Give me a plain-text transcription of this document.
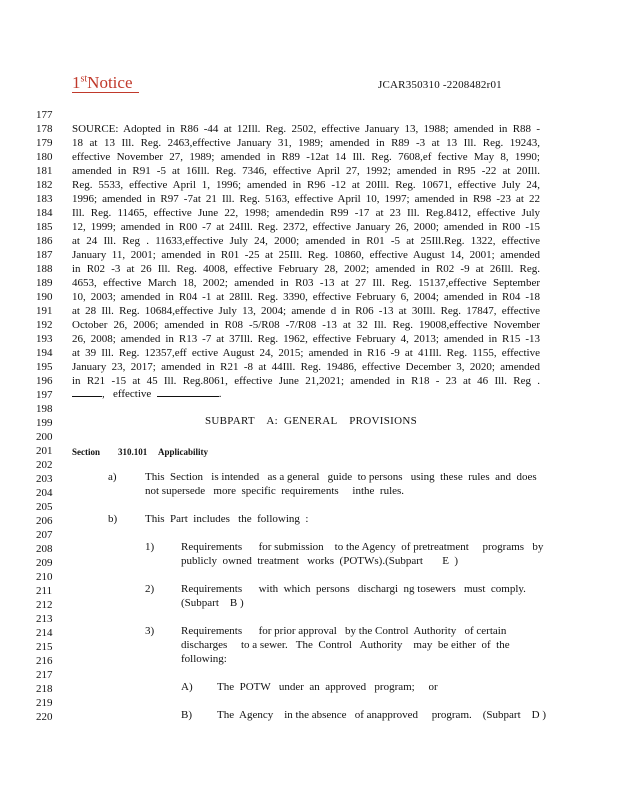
1stNotice	JCAR350310 -2208482r01
177
178
179
180
181
182
183
184
185
186
187
188
189
190
191
192
193
194
195
196
197
198
199
200
201
202
203
204
205
206
207
208
209
210
211
212
213
214
215
216
217
218
219
220
SOURCE: Adopted in R86 -44 at 12Ill. Reg. 2502, effective January 13, 1988; amended in R88 -
18 at 13 Ill. Reg. 2463,effective January 31, 1989; amended in R89 -3 at 13 Ill. Reg. 19243,
effective November 27, 1989; amended in R89 -12at 14 Ill. Reg. 7608,ef fective May 8, 1990;
amended in R91 -5 at 16Ill. Reg. 7346, effective April 27, 1992; amended in R95 -22 at 20Ill.
Reg. 5533, effective April 1, 1996; amended in R96 -12 at 20Ill. Reg. 10671, effective July 24,
1996; amended in R97 -7at 21 Ill. Reg. 5163, effective April 10, 1997; amended in R98 -23 at 22
Ill. Reg. 11465, effective June 22, 1998; amendedin R99 -17 at 23 Ill. Reg.8412, effective July
12, 1999; amended in R00 -7 at 24Ill. Reg. 2372, effective January 26, 2000; amended in R00 -15
at 24 Ill. Reg . 11633,effective July 24, 2000; amended in R01 -5 at 25Ill.Reg. 1322, effective
January 11, 2001; amended in R01 -25 at 25Ill. Reg. 10860, effective August 14, 2001; amended
in R02 -3 at 26 Ill. Reg. 4008, effective February 28, 2002; amended in R02 -9 at 26Ill. Reg.
4653, effective March 18, 2002; amended in R03 -13 at 27 Ill. Reg. 15137,effective September
10, 2003; amended in R04 -1 at 28Ill. Reg. 3390, effective February 6, 2004; amended in R04 -18
at 28 Ill. Reg. 10684,effective July 13, 2004; amende d in R06 -13 at 30Ill. Reg. 17847, effective
October 26, 2006; amended in R08 -5/R08 -7/R08 -13 at 32 Ill. Reg. 19008,effective November
26, 2008; amended in R13 -7 at 37Ill. Reg. 1962, effective February 4, 2013; amended in R15 -13
at 39 Ill. Reg. 12357,eff ective August 24, 2015; amended in R16 -9 at 41Ill. Reg. 1155, effective
January 23, 2017; amended in R21 -8 at 44Ill. Reg. 19486, effective December 3, 2020; amended
in R21 -15 at 45 Ill. Reg.8061, effective June 21,2021; amended in R18 - 23 at 46 Ill. Reg .
, effective	.
SUBPART    A:  GENERAL    PROVISIONS
Section        310.101 Applicability
a)	This  Section   is intended   as a general   guide  to persons   using  these  rules  and  does
not supersede   more  specific  requirements     inthe  rules.
b)	This  Part  includes   the  following  :
1) Requirements      for submission    to the Agency  of pretreatment     programs   by
publicly  owned  treatment   works  (POTWs).(Subpart       E  )
2) Requirements      with  which  persons   dischargi  ng tosewers   must  comply.
(Subpart    B )
3) Requirements      for prior approval   by the Control  Authority   of certain
discharges     to a sewer.   The  Control   Authority    may  be either  of  the
following:
A) The  POTW   under  an  approved   program;     or
B) The  Agency    in the absence   of anapproved     program.    (Subpart    D )
